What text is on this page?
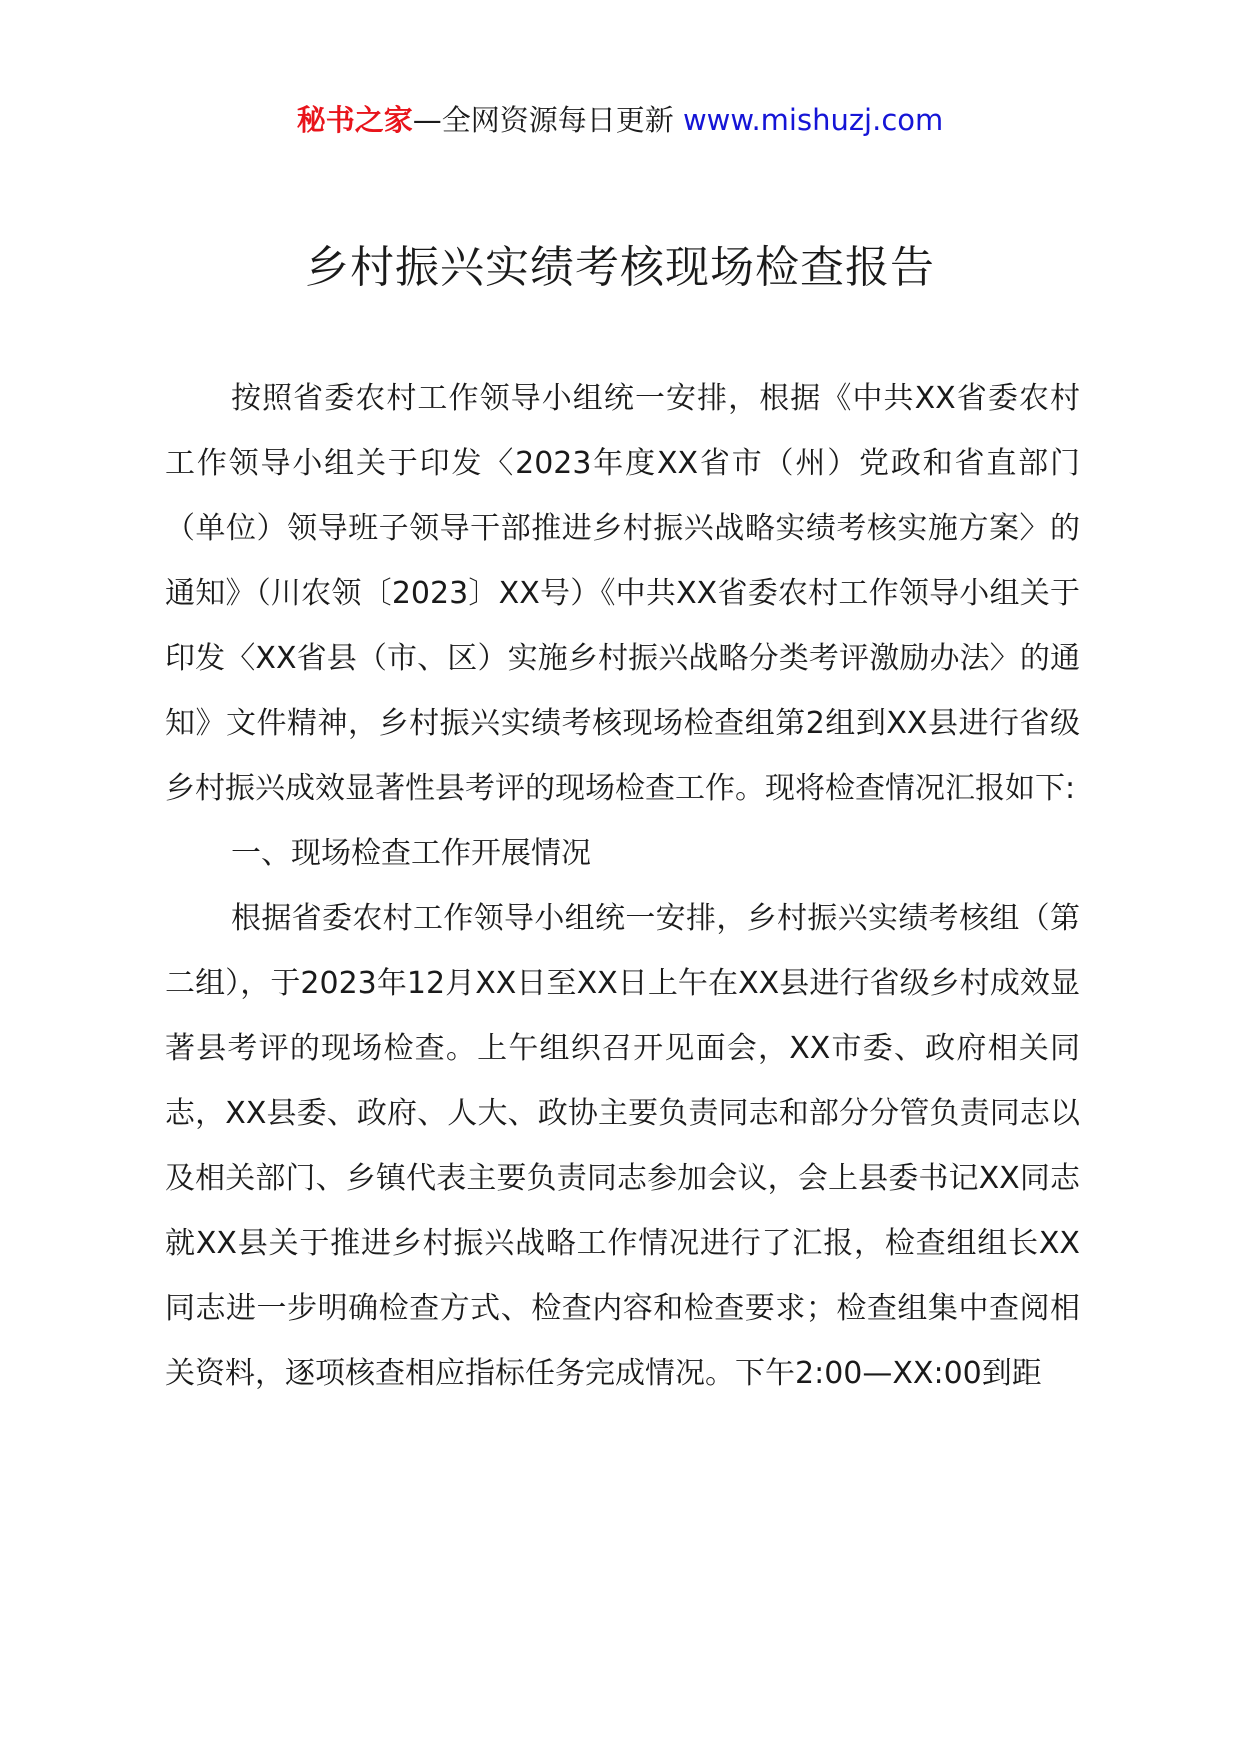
秘书之家—全网资源每日更新 www.mishuzj.com
乡村振兴实绩考核现场检查报告

按照省委农村工作领导小组统一安排，根据《中共XX省委农村工作领导小组关于印发〈2023年度XX省市（州）党政和省直部门（单位）领导班子领导干部推进乡村振兴战略实绩考核实施方案〉的通知》（川农领〔2023〕XX号）《中共XX省委农村工作领导小组关于印发〈XX省县（市、区）实施乡村振兴战略分类考评激励办法〉的通知》文件精神，乡村振兴实绩考核现场检查组第2组到XX县进行省级乡村振兴成效显著性县考评的现场检查工作。现将检查情况汇报如下:

一、现场检查工作开展情况

根据省委农村工作领导小组统一安排，乡村振兴实绩考核组（第二组），于2023年12月XX日至XX日上午在XX县进行省级乡村成效显著县考评的现场检查。上午组织召开见面会，XX市委、政府相关同志，XX县委、政府、人大、政协主要负责同志和部分分管负责同志以及相关部门、乡镇代表主要负责同志参加会议，会上县委书记XX同志就XX县关于推进乡村振兴战略工作情况进行了汇报，检查组组长XX同志进一步明确检查方式、检查内容和检查要求；检查组集中查阅相关资料，逐项核查相应指标任务完成情况。下午2:00—XX:00到距
